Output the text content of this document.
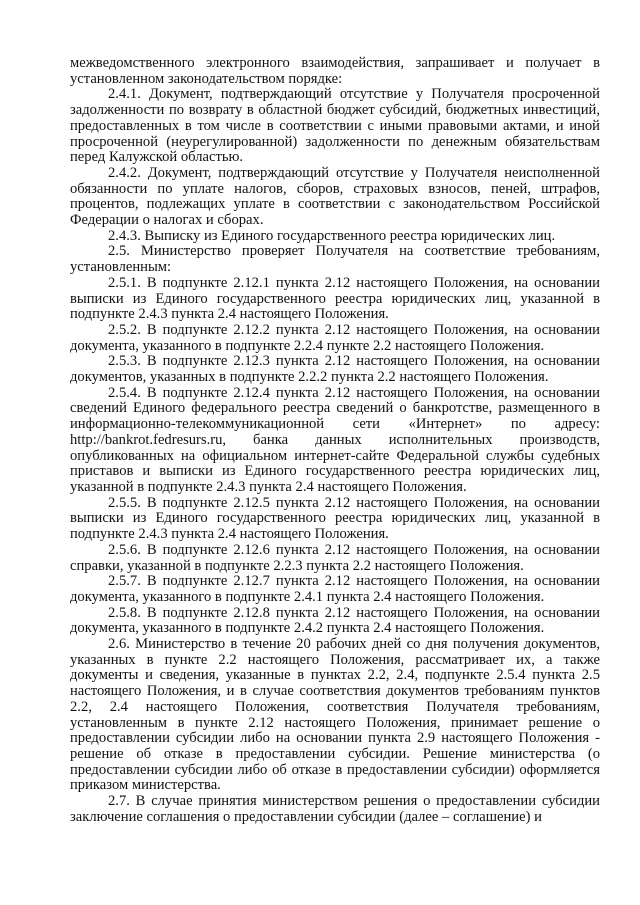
межведомственного электронного взаимодействия, запрашивает и получает в установленном законодательством порядке:

2.4.1. Документ, подтверждающий отсутствие у Получателя просроченной задолженности по возврату в областной бюджет субсидий, бюджетных инвестиций, предоставленных в том числе в соответствии с иными правовыми актами, и иной просроченной (неурегулированной) задолженности по денежным обязательствам перед Калужской областью.

2.4.2. Документ, подтверждающий отсутствие у Получателя неисполненной обязанности по уплате налогов, сборов, страховых взносов, пеней, штрафов, процентов, подлежащих уплате в соответствии с законодательством Российской Федерации о налогах и сборах.

2.4.3. Выписку из Единого государственного реестра юридических лиц.

2.5. Министерство проверяет Получателя на соответствие требованиям, установленным:

2.5.1. В подпункте 2.12.1 пункта 2.12 настоящего Положения, на основании выписки из Единого государственного реестра юридических лиц, указанной в подпункте 2.4.3 пункта 2.4 настоящего Положения.

2.5.2. В подпункте 2.12.2 пункта 2.12 настоящего Положения, на основании документа, указанного в подпункте 2.2.4 пункте 2.2 настоящего Положения.

2.5.3. В подпункте 2.12.3 пункта 2.12 настоящего Положения, на основании документов, указанных в подпункте 2.2.2 пункта 2.2 настоящего Положения.

2.5.4. В подпункте 2.12.4 пункта 2.12 настоящего Положения, на основании сведений Единого федерального реестра сведений о банкротстве, размещенного в информационно-телекоммуникационной сети «Интернет» по адресу: http://bankrot.fedresurs.ru, банка данных исполнительных производств, опубликованных на официальном интернет-сайте Федеральной службы судебных приставов и выписки из Единого государственного реестра юридических лиц, указанной в подпункте 2.4.3 пункта 2.4 настоящего Положения.

2.5.5. В подпункте 2.12.5 пункта 2.12 настоящего Положения, на основании выписки из Единого государственного реестра юридических лиц, указанной в подпункте 2.4.3 пункта 2.4 настоящего Положения.

2.5.6. В подпункте 2.12.6 пункта 2.12 настоящего Положения, на основании справки, указанной в подпункте 2.2.3 пункта 2.2 настоящего Положения.

2.5.7. В подпункте 2.12.7 пункта 2.12 настоящего Положения, на основании документа, указанного в подпункте 2.4.1 пункта 2.4 настоящего Положения.

2.5.8. В подпункте 2.12.8 пункта 2.12 настоящего Положения, на основании документа, указанного в подпункте 2.4.2 пункта 2.4 настоящего Положения.

2.6. Министерство в течение 20 рабочих дней со дня получения документов, указанных в пункте 2.2 настоящего Положения, рассматривает их, а также документы и сведения, указанные в пунктах 2.2, 2.4, подпункте 2.5.4 пункта 2.5 настоящего Положения, и в случае соответствия документов требованиям пунктов 2.2, 2.4 настоящего Положения, соответствия Получателя требованиям, установленным в пункте 2.12 настоящего Положения, принимает решение о предоставлении субсидии либо на основании пункта 2.9 настоящего Положения - решение об отказе в предоставлении субсидии. Решение министерства (о предоставлении субсидии либо об отказе в предоставлении субсидии) оформляется приказом министерства.

2.7. В случае принятия министерством решения о предоставлении субсидии заключение соглашения о предоставлении субсидии (далее – соглашение) и
